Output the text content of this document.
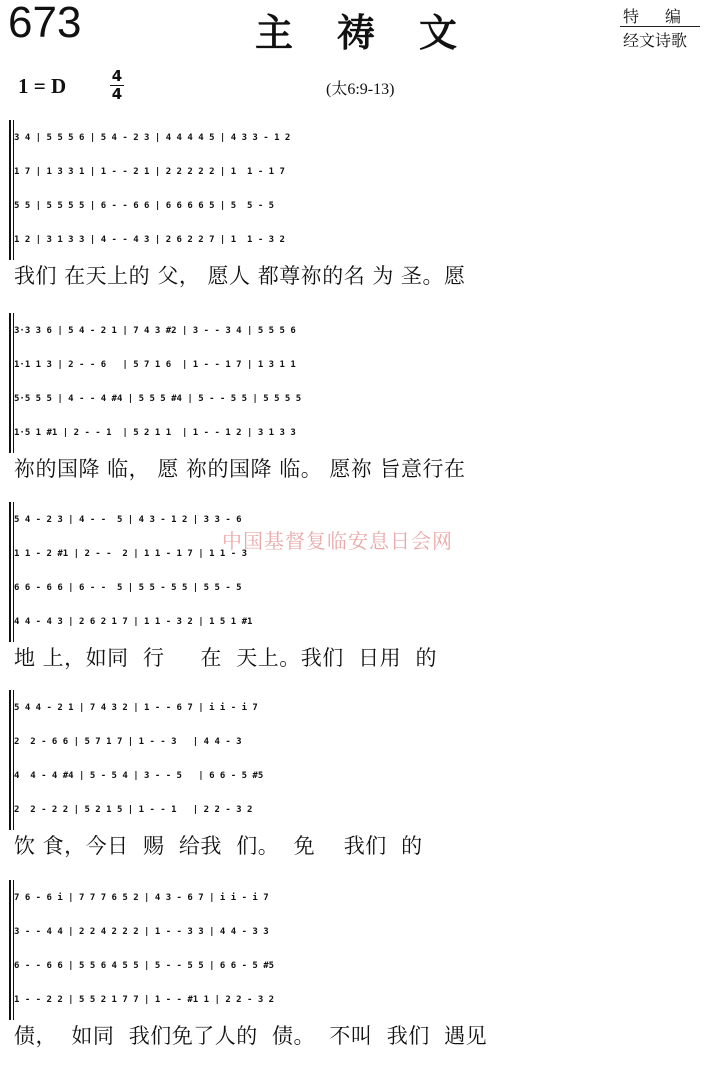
673	主祷文	特编
经文诗歌
1 = D	4
4	(太6:9-13)
3 4 | 5 5 5 6 | 5 4 - 2 3 | 4 4 4 4 5 | 4 3 3 - 1 2
1 7 | 1 3 3 1 | 1 - - 2 1 | 2 2 2 2 2 | 1  1 - 1 7
5 5 | 5 5 5 5 | 6 - - 6 6 | 6 6 6 6 5 | 5  5 - 5
1 2 | 3 1 3 3 | 4 - - 4 3 | 2 6 2 2 7 | 1  1 - 3 2
我们 在天上的 父， 愿人 都尊祢的名 为 圣。愿
3·3 3 6 | 5 4 - 2 1 | 7 4 3 #2 | 3 - - 3 4 | 5 5 5 6
1·1 1 3 | 2 - - 6   | 5 7 1 6  | 1 - - 1 7 | 1 3 1 1
5·5 5 5 | 4 - - 4 #4 | 5 5 5 #4 | 5 - - 5 5 | 5 5 5 5
1·5 1 #1 | 2 - - 1  | 5 2 1 1  | 1 - - 1 2 | 3 1 3 3
祢的国降 临， 愿 祢的国降 临。 愿祢 旨意行在
5 4 - 2 3 | 4 - -  5 | 4 3 - 1 2 | 3 3 - 6
1 1 - 2 #1 | 2 - -  2 | 1 1 - 1 7 | 1 1 - 3
6 6 - 6 6 | 6 - -  5 | 5 5 - 5 5 | 5 5 - 5
4 4 - 4 3 | 2 6 2 1 7 | 1 1 - 3 2 | 1 5 1 #1
地 上，如同  行     在  天上。我们  日用  的
5 4 4 - 2 1 | 7 4 3 2 | 1 - - 6 7 | i i - i 7
2  2 - 6 6 | 5 7 1 7 | 1 - - 3   | 4 4 - 3
4  4 - 4 #4 | 5 - 5 4 | 3 - - 5   | 6 6 - 5 #5
2  2 - 2 2 | 5 2 1 5 | 1 - - 1   | 2 2 - 3 2
饮 食，今日  赐  给我  们。  免    我们  的
7 6 - 6 i | 7 7 7 6 5 2 | 4 3 - 6 7 | i i - i 7
3 - - 4 4 | 2 2 4 2 2 2 | 1 - - 3 3 | 4 4 - 3 3
6 - - 6 6 | 5 5 6 4 5 5 | 5 - - 5 5 | 6 6 - 5 #5
1 - - 2 2 | 5 5 2 1 7 7 | 1 - - #1 1 | 2 2 - 3 2
债，  如同  我们免了人的  债。  不叫  我们  遇见
中国基督复临安息日会网
